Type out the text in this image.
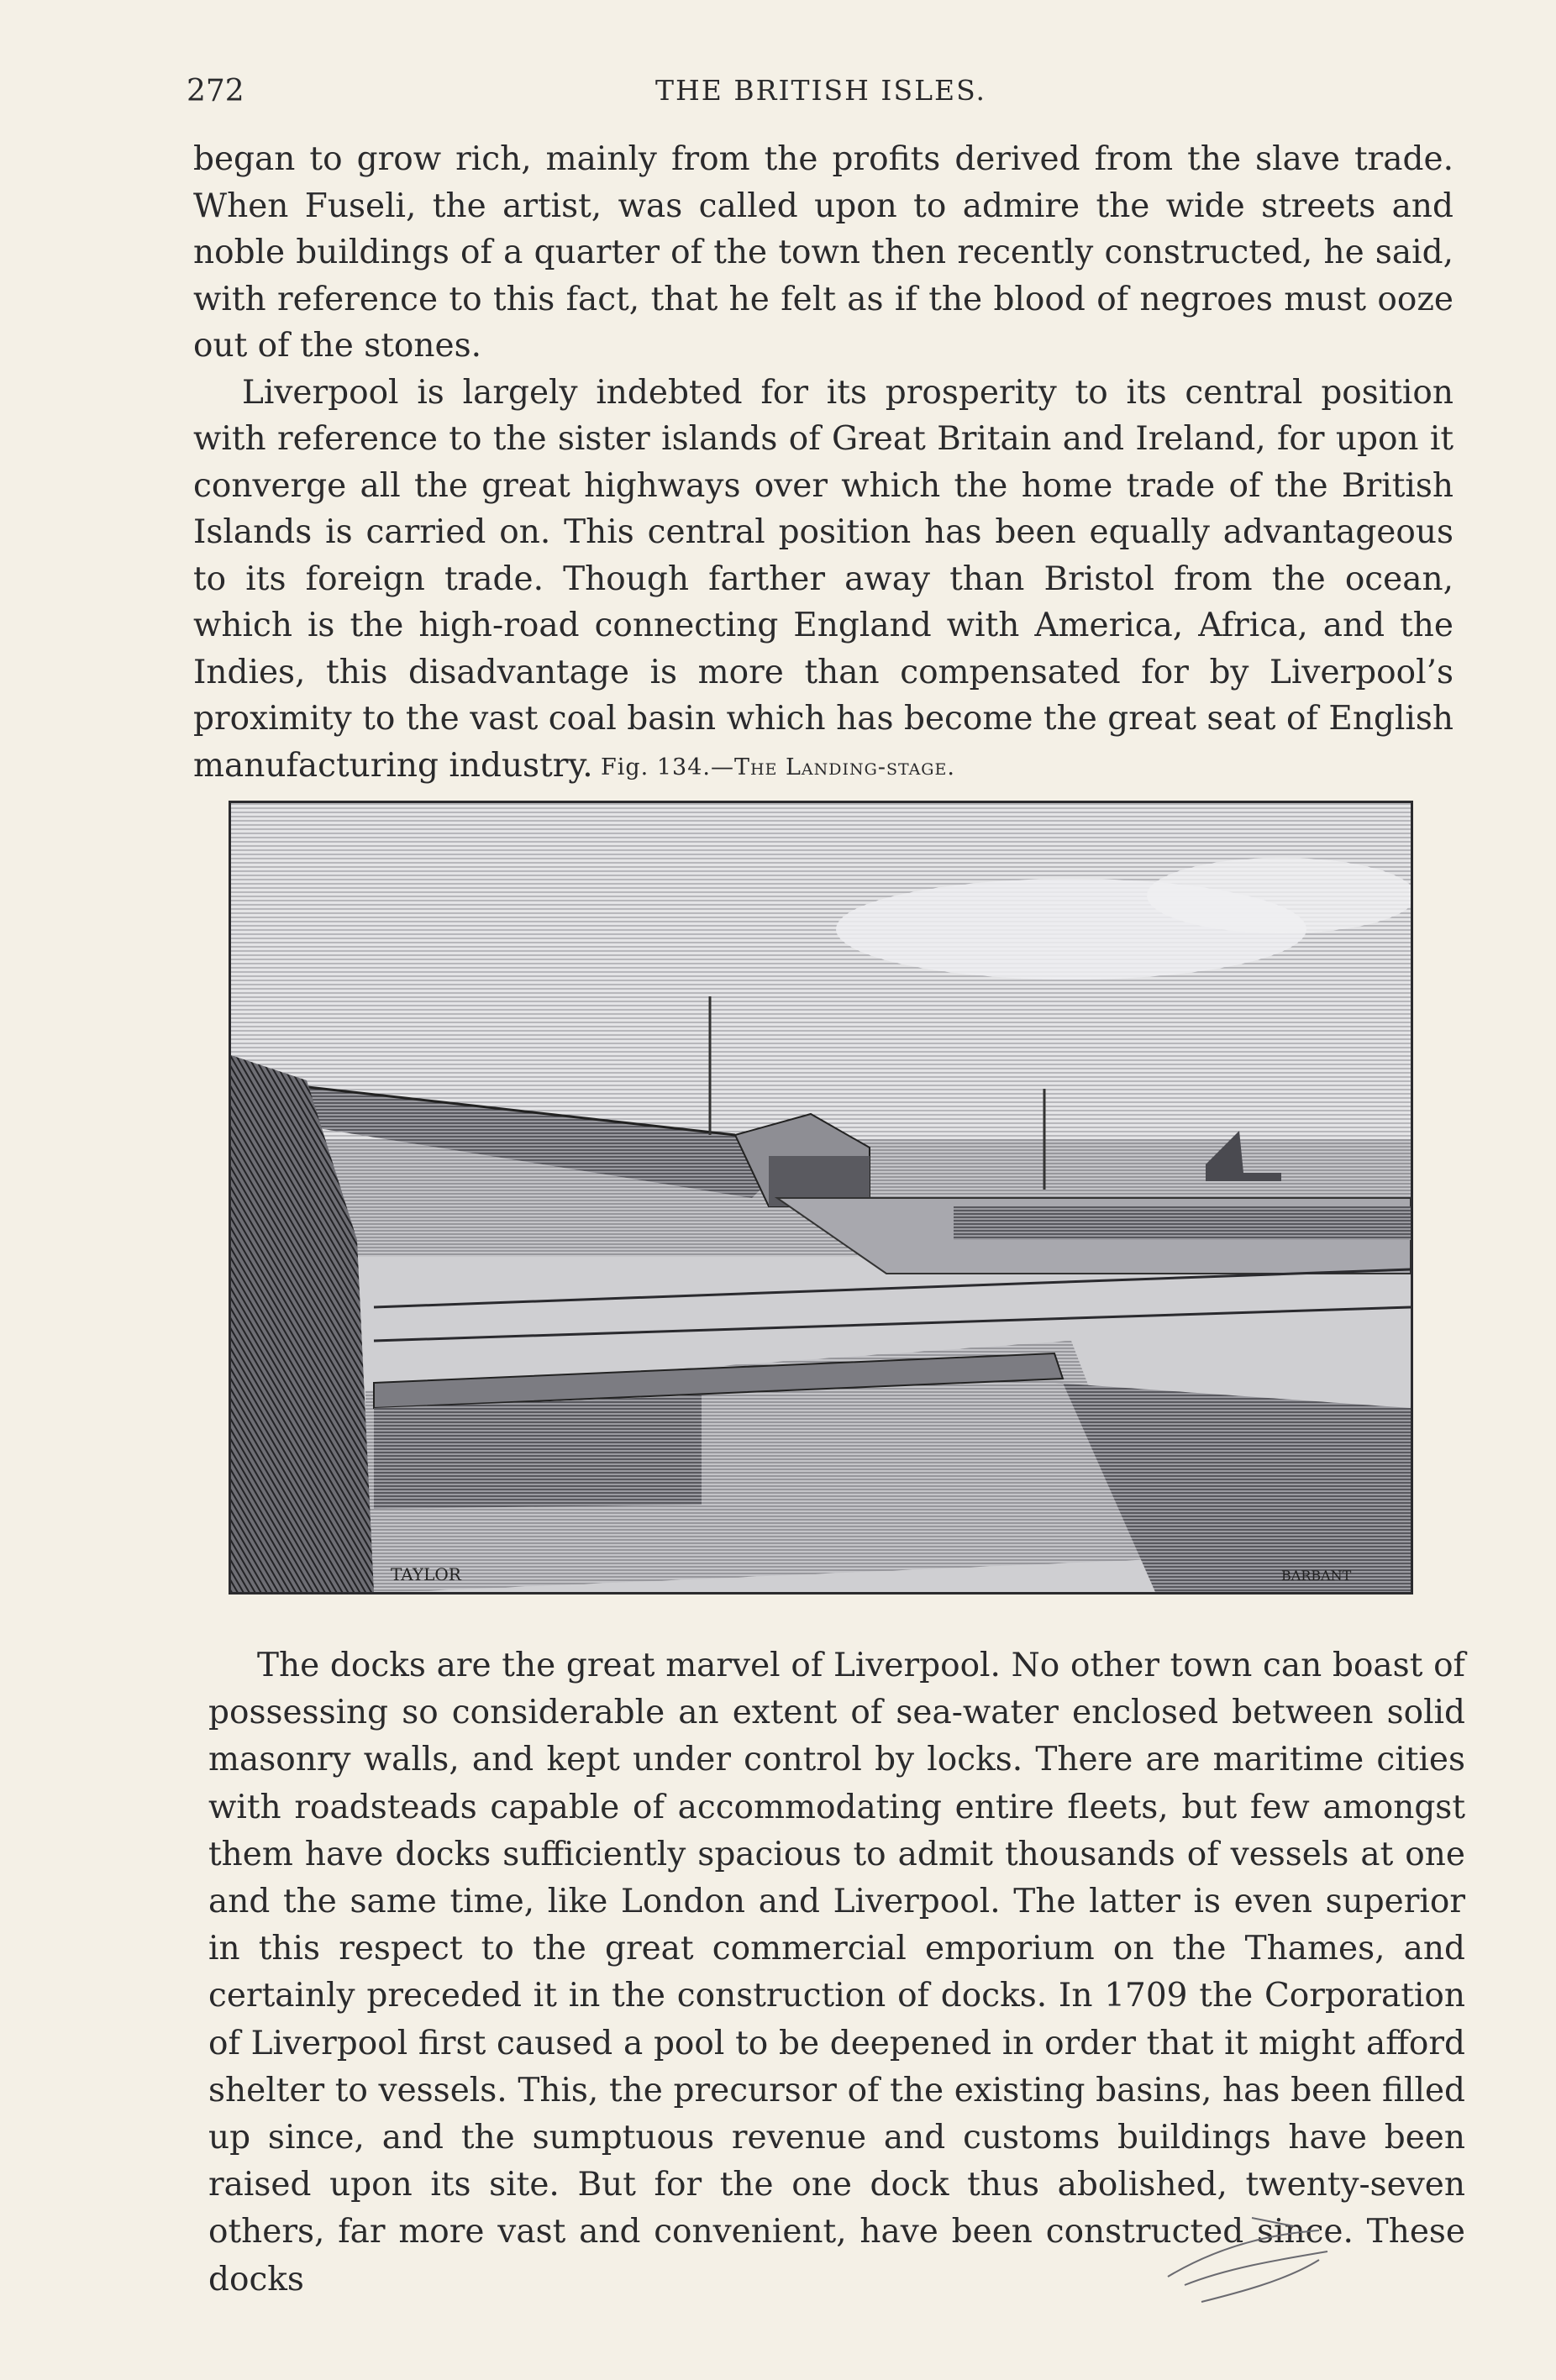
272	THE BRITISH ISLES.

began to grow rich, mainly from the profits derived from the slave trade. When Fuseli, the artist, was called upon to admire the wide streets and noble buildings of a quarter of the town then recently constructed, he said, with reference to this fact, that he felt as if the blood of negroes must ooze out of the stones.

Liverpool is largely indebted for its prosperity to its central position with reference to the sister islands of Great Britain and Ireland, for upon it converge all the great highways over which the home trade of the British Islands is carried on. This central position has been equally advantageous to its foreign trade. Though farther away than Bristol from the ocean, which is the high-road connecting England with America, Africa, and the Indies, this disadvantage is more than compensated for by Liverpool’s proximity to the vast coal basin which has become the great seat of English manufacturing industry. Fig. 134.—The Landing-stage.
TAYLOR	BARBANT

The docks are the great marvel of Liverpool. No other town can boast of possessing so considerable an extent of sea-water enclosed between solid masonry walls, and kept under control by locks. There are maritime cities with roadsteads capable of accommodating entire fleets, but few amongst them have docks sufficiently spacious to admit thousands of vessels at one and the same time, like London and Liverpool. The latter is even superior in this respect to the great commercial emporium on the Thames, and certainly preceded it in the construction of docks. In 1709 the Corporation of Liverpool first caused a pool to be deepened in order that it might afford shelter to vessels. This, the precursor of the existing basins, has been filled up since, and the sumptuous revenue and customs buildings have been raised upon its site. But for the one dock thus abolished, twenty-seven others, far more vast and convenient, have been constructed since. These docks
